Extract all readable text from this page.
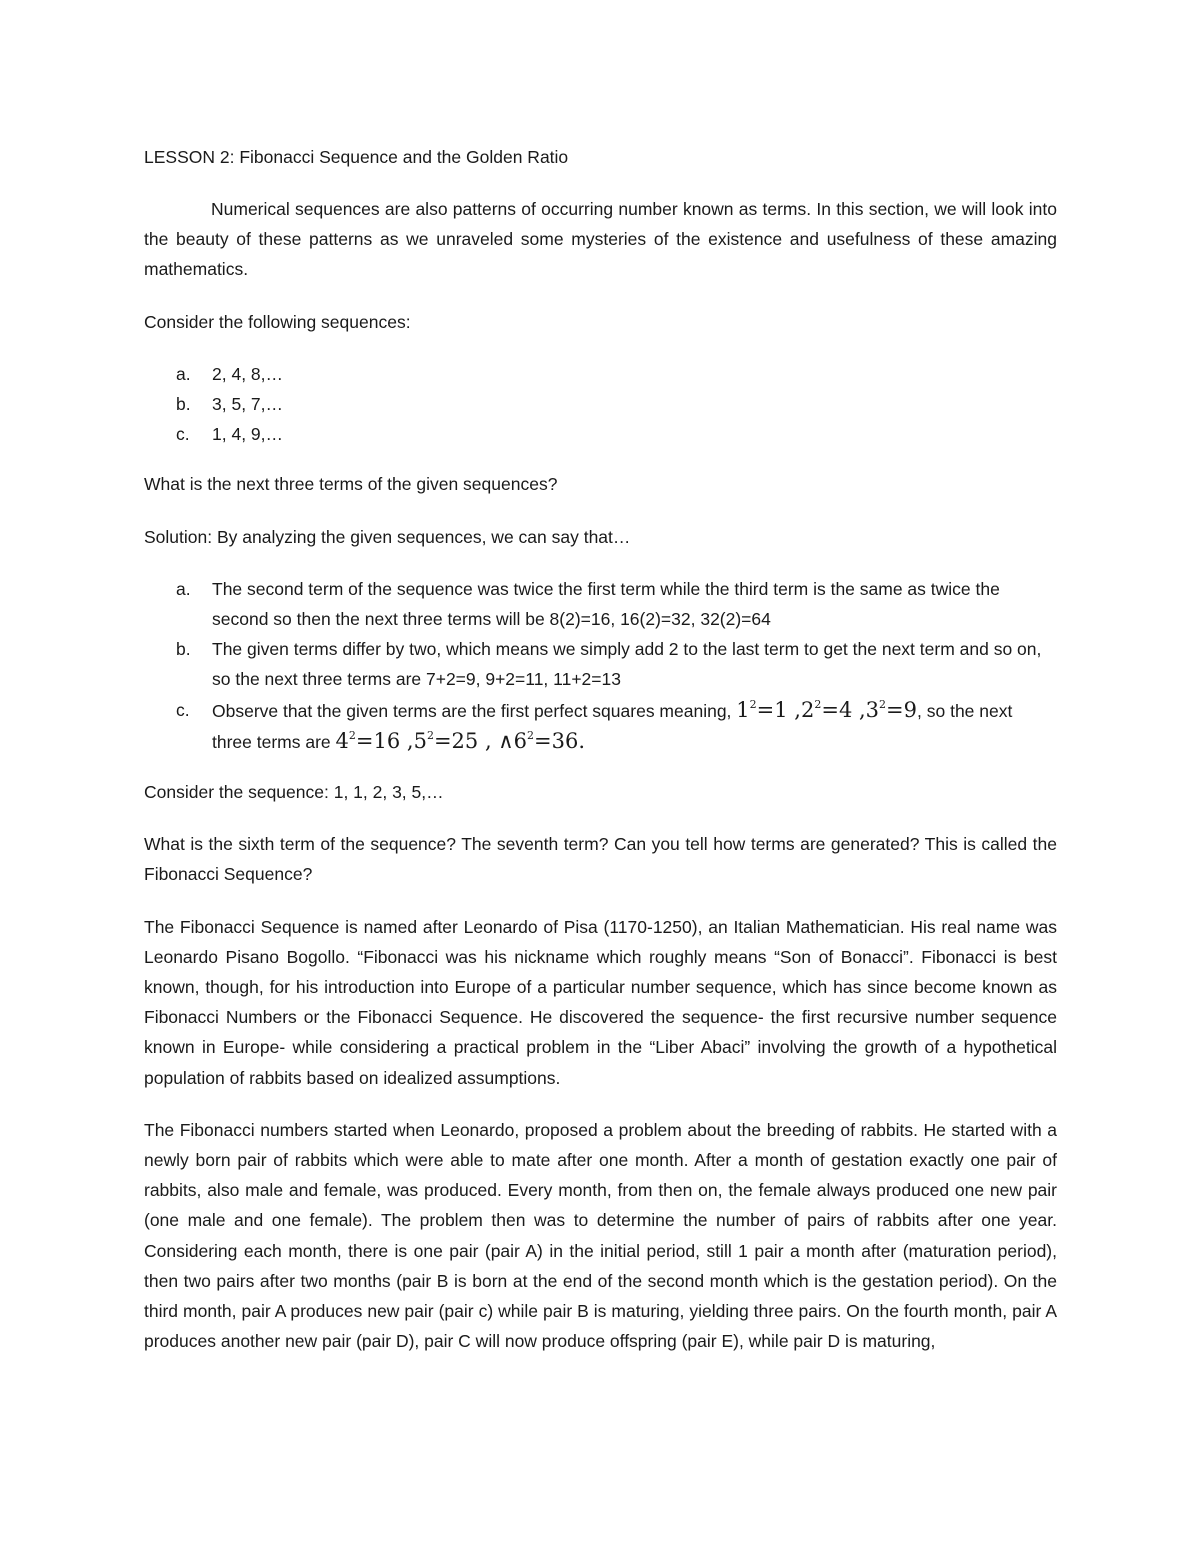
LESSON 2: Fibonacci Sequence and the Golden Ratio

Numerical sequences are also patterns of occurring number known as terms. In this section, we will look into the beauty of these patterns as we unraveled some mysteries of the existence and usefulness of these amazing mathematics.

Consider the following sequences:

a. 2, 4, 8,…
b. 3, 5, 7,…
c. 1, 4, 9,…

What is the next three terms of the given sequences?

Solution: By analyzing the given sequences, we can say that…

a. The second term of the sequence was twice the first term while the third term is the same as twice the second so then the next three terms will be 8(2)=16, 16(2)=32, 32(2)=64
b. The given terms differ by two, which means we simply add 2 to the last term to get the next term and so on, so the next three terms are 7+2=9, 9+2=11, 11+2=13
c. Observe that the given terms are the first perfect squares meaning, $1^2=1$ $,2^2=4$ $,3^2=9$, so the next three terms are $4^2=16$ $,5^2=25$ , $\wedge 6^2=36$.

Consider the sequence: 1, 1, 2, 3, 5,…

What is the sixth term of the sequence? The seventh term? Can you tell how terms are generated? This is called the Fibonacci Sequence?

The Fibonacci Sequence is named after Leonardo of Pisa (1170-1250), an Italian Mathematician. His real name was Leonardo Pisano Bogollo. “Fibonacci was his nickname which roughly means “Son of Bonacci”. Fibonacci is best known, though, for his introduction into Europe of a particular number sequence, which has since become known as Fibonacci Numbers or the Fibonacci Sequence. He discovered the sequence- the first recursive number sequence known in Europe- while considering a practical problem in the “Liber Abaci” involving the growth of a hypothetical population of rabbits based on idealized assumptions.

The Fibonacci numbers started when Leonardo, proposed a problem about the breeding of rabbits. He started with a newly born pair of rabbits which were able to mate after one month. After a month of gestation exactly one pair of rabbits, also male and female, was produced. Every month, from then on, the female always produced one new pair (one male and one female). The problem then was to determine the number of pairs of rabbits after one year. Considering each month, there is one pair (pair A) in the initial period, still 1 pair a month after (maturation period), then two pairs after two months (pair B is born at the end of the second month which is the gestation period). On the third month, pair A produces new pair (pair c) while pair B is maturing, yielding three pairs. On the fourth month, pair A produces another new pair (pair D), pair C will now produce offspring (pair E), while pair D is maturing,
